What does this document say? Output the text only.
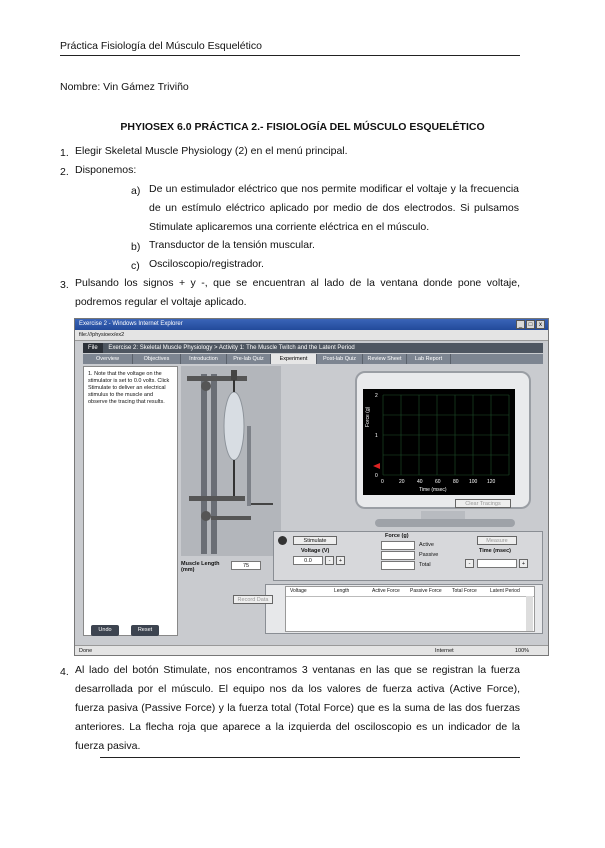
Práctica Fisiología del Músculo Esquelético
Nombre: Vin Gámez Triviño
PHYIOSEX 6.0 PRÁCTICA 2.- FISIOLOGÍA DEL MÚSCULO ESQUELÉTICO
1. Elegir Skeletal Muscle Physiology (2) en el menú principal.
2. Disponemos:
a) De un estimulador eléctrico que nos permite modificar el voltaje y la frecuencia de un estímulo eléctrico aplicado por medio de dos electrodos. Si pulsamos Stimulate aplicaremos una corriente eléctrica en el músculo.
b) Transductor de la tensión muscular.
c) Osciloscopio/registrador.
3. Pulsando los signos + y -, que se encuentran al lado de la ventana donde pone voltaje, podremos regular el voltaje aplicado.
Exercise 2 - Windows Internet Explorer	_	□	x
file:///physioex/ex2
File Exercise 2: Skeletal Muscle Physiology > Activity 1: The Muscle Twitch and the Latent Period
Overview	Objectives	Introduction	Pre-lab Quiz	Experiment	Post-lab Quiz	Review Sheet	Lab Report
1. Note that the voltage on the stimulator is set to 0.0 volts. Click Stimulate to deliver an electrical stimulus to the muscle and observe the tracing that results.
Undo	Reset
Muscle Length (mm)
75
2
1
0
Force (g)
0	20 40 60 80 100 120
Time (msec)
Clear Tracings
Stimulate
Voltage (V)
0.0	-	+
Force (g)
Active
Passive
Total
Measure
Time (msec)
-	+
Record Data
Voltage	Length	Active Force Passive Force Total Force	Latent Period
Done	Internet	100%
4. Al lado del botón Stimulate, nos encontramos 3 ventanas en las que se registran la fuerza desarrollada por el músculo. El equipo nos da los valores de fuerza activa (Active Force), fuerza pasiva (Passive Force) y la fuerza total (Total Force) que es la suma de las dos fuerzas anteriores. La flecha roja que aparece a la izquierda del osciloscopio es un indicador de la fuerza pasiva.
